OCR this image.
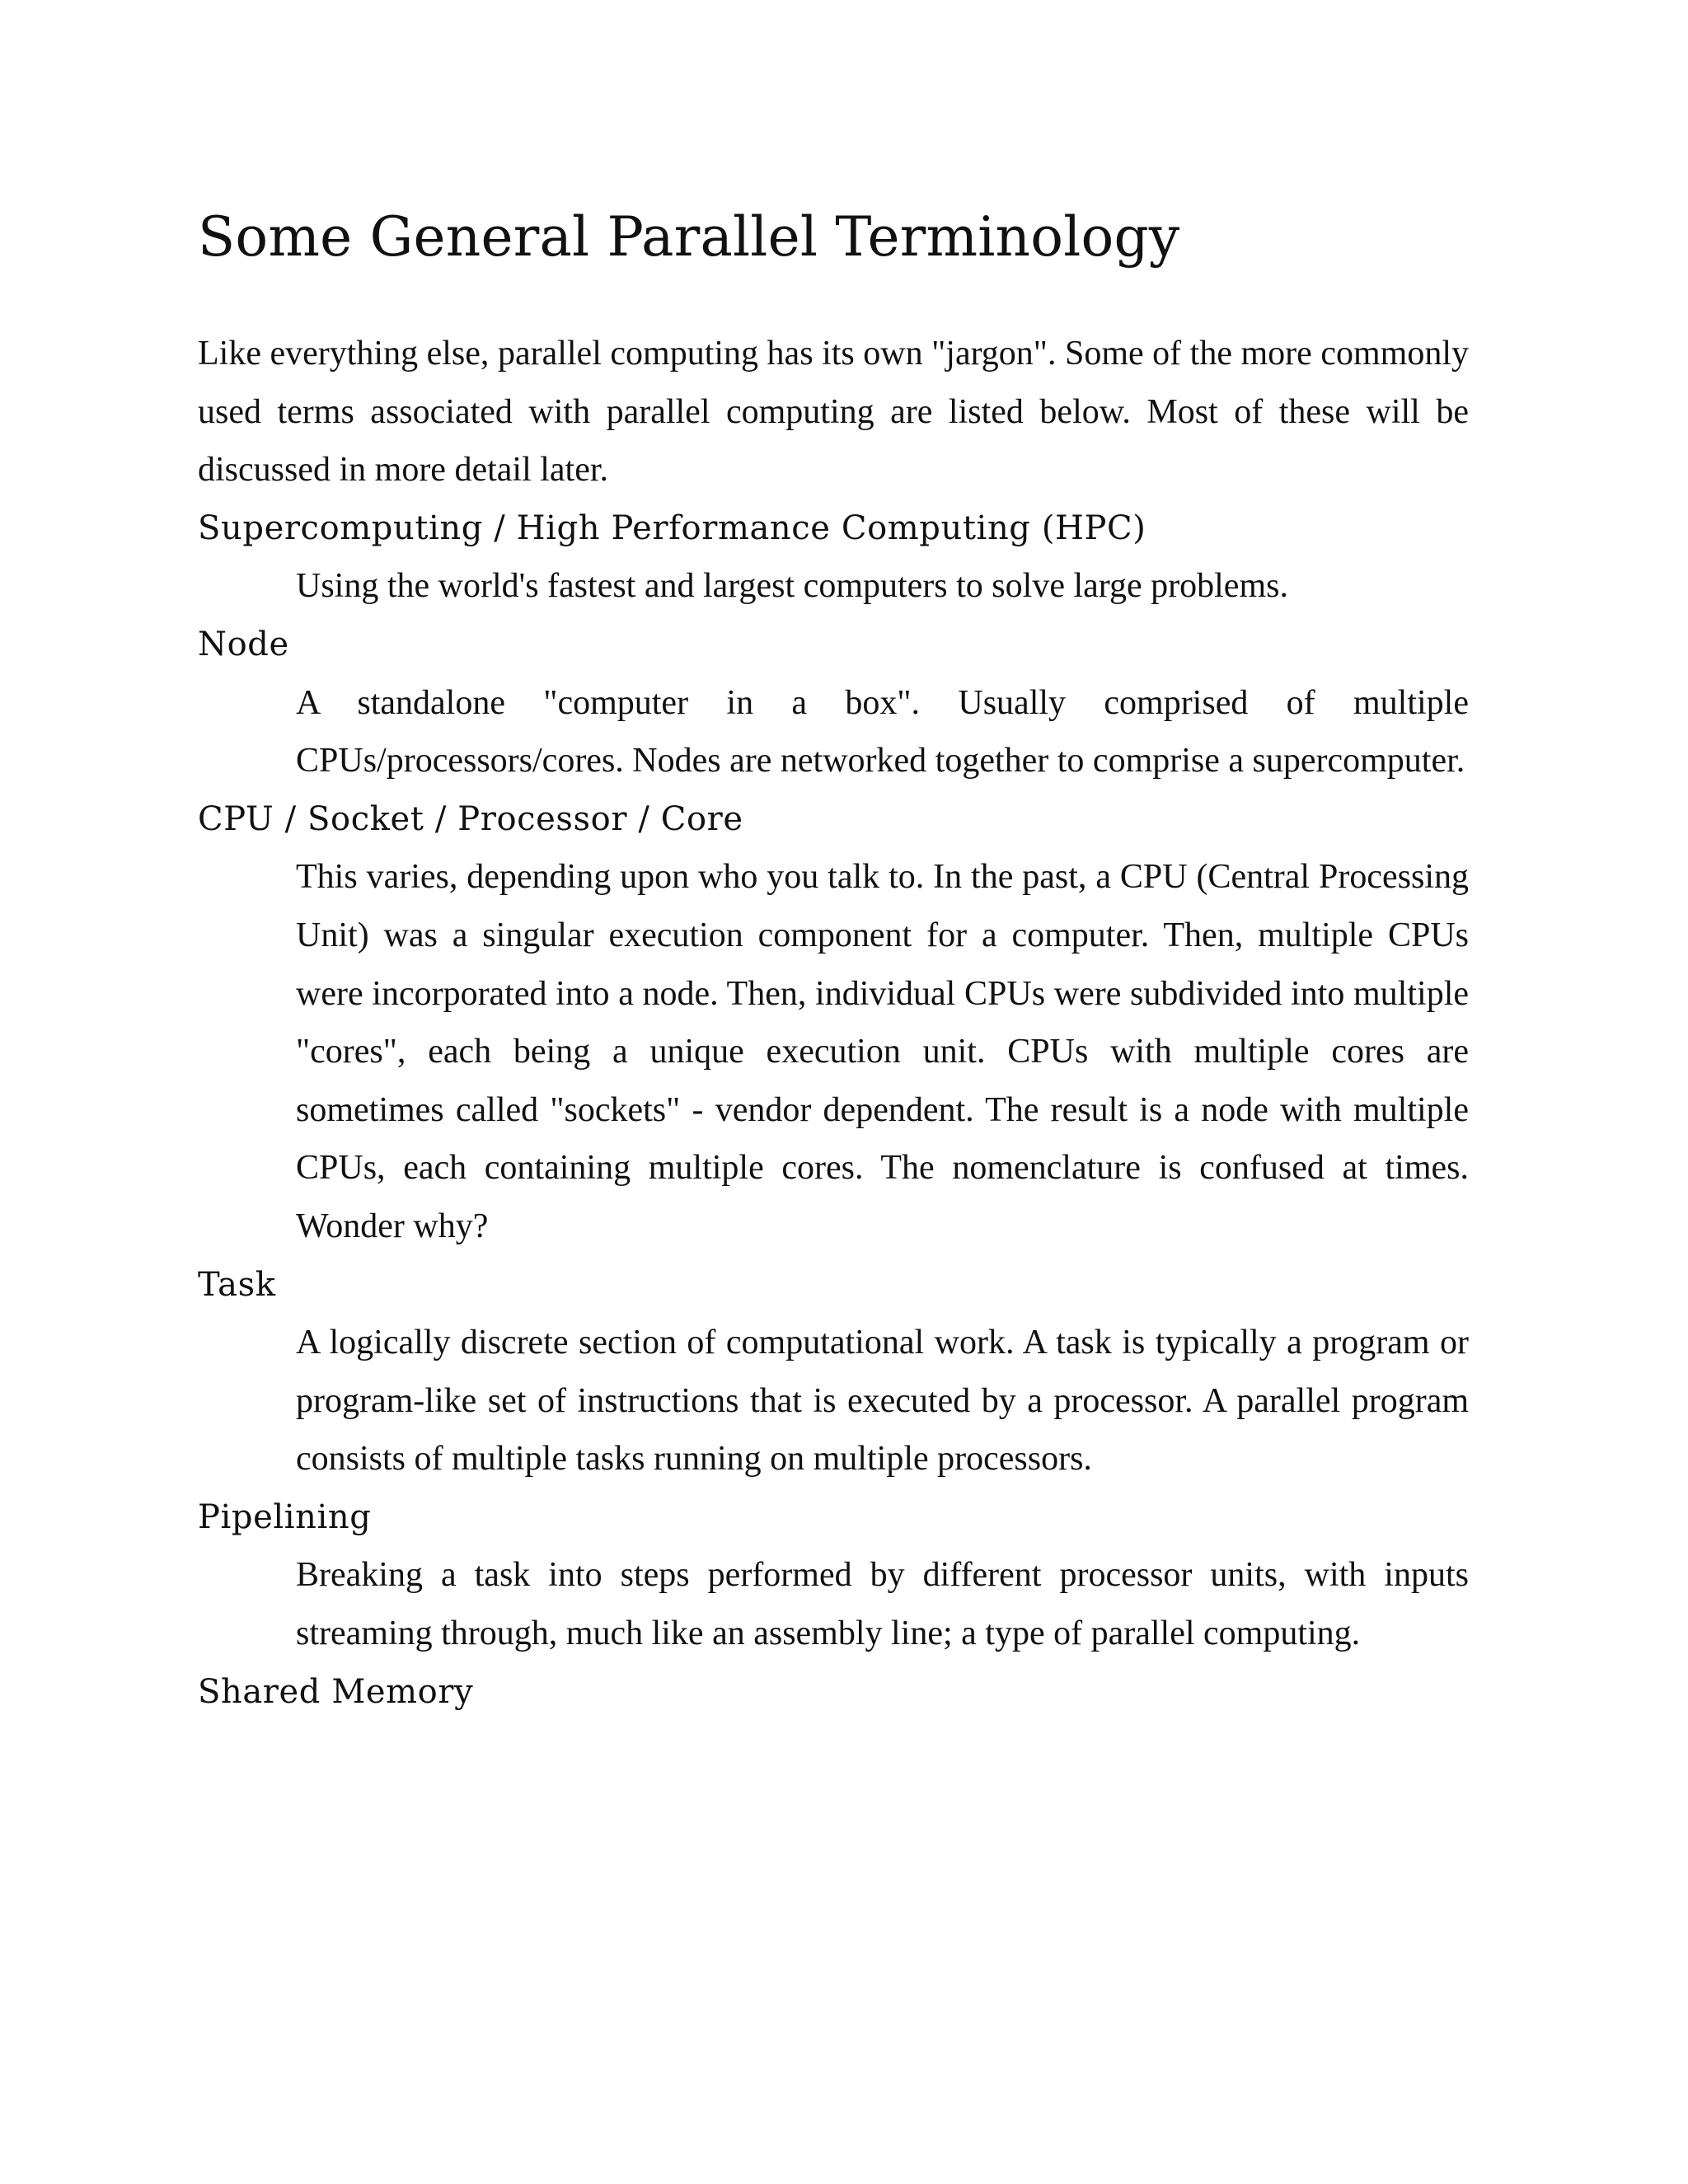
Some General Parallel Terminology

Like everything else, parallel computing has its own "jargon". Some of the more commonly used terms associated with parallel computing are listed below. Most of these will be discussed in more detail later.

Supercomputing / High Performance Computing (HPC)

Using the world's fastest and largest computers to solve large problems.

Node

A standalone "computer in a box". Usually comprised of multiple CPUs/processors/cores. Nodes are networked together to comprise a supercomputer.

CPU / Socket / Processor / Core

This varies, depending upon who you talk to. In the past, a CPU (Central Processing Unit) was a singular execution component for a computer. Then, multiple CPUs were incorporated into a node. Then, individual CPUs were subdivided into multiple "cores", each being a unique execution unit. CPUs with multiple cores are sometimes called "sockets" - vendor dependent. The result is a node with multiple CPUs, each containing multiple cores. The nomenclature is confused at times. Wonder why?

Task

A logically discrete section of computational work. A task is typically a program or program-like set of instructions that is executed by a processor. A parallel program consists of multiple tasks running on multiple processors.

Pipelining

Breaking a task into steps performed by different processor units, with inputs streaming through, much like an assembly line; a type of parallel computing.

Shared Memory
